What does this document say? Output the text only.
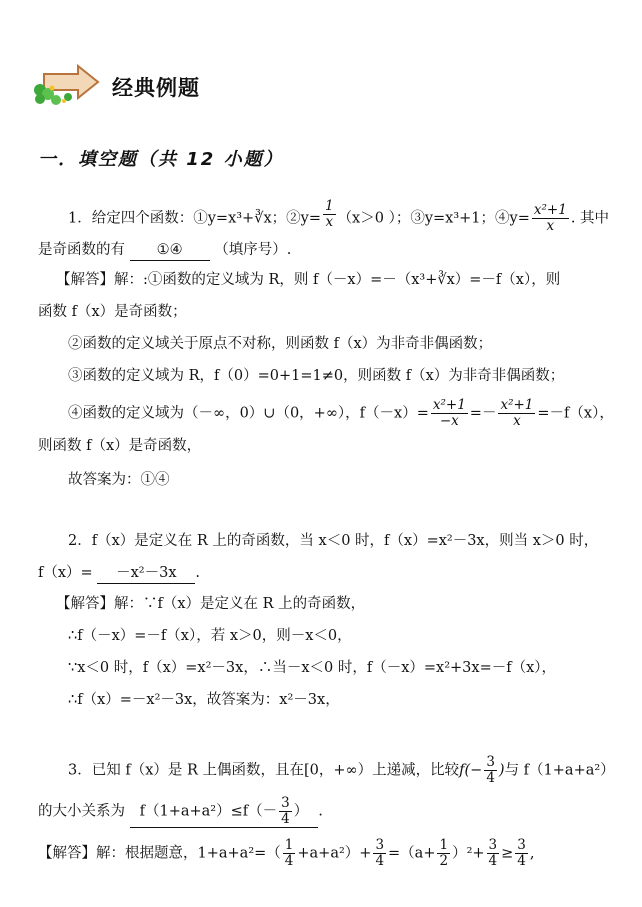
经典例题
一．填空题（共 12 小题）
1．给定四个函数：①y=x³+∛x；②y= $\frac{1}{x} (x>0$ ）；③y=x³+1；④y= $\frac{\text{x²+1}}{x}$ . 其中
是奇函数的有 ①④ （填序号）.
【解答】解：:①函数的定义域为 R，则 f（－x）=－（x³+∛x）=－f（x），则
函数 f（x）是奇函数；
②函数的定义域关于原点不对称，则函数 f（x）为非奇非偶函数；
③函数的定义域为 R，f（0）=0+1=1≠0，则函数 f（x）为非奇非偶函数；
④函数的定义域为（－∞，0）∪（0，+∞），$f(-x)= \frac{\text{x²+1}}{-x} =- \frac{\text{x²+1}}{x} =-f(x)$，
则函数 f（x）是奇函数，
故答案为：①④
2．f（x）是定义在 R 上的奇函数，当 x＜0 时，f（x）=x²－3x，则当 x＞0 时，
f（x）= －x²－3x .
【解答】解：∵f（x）是定义在 R 上的奇函数，
∴f（－x）=－f（x），若 x＞0，则－x＜0，
∵x＜0 时，f（x）=x²－3x，∴当－x＜0 时，f（－x）=x²+3x=－f（x），
∴f（x）=－x²－3x，故答案为：x²－3x，
3．已知 f（x）是 R 上偶函数，且在[0，+∞）上递减，比较$f(- \frac{3}{4}$ )与 f（1+a+a²）
的大小关系为 $f(1+a+a^2)\le f(- \frac{3}{4}$ ） .
【解答】解：根据题意，$1+a+a^2=( \frac{1}{4} +a+a^2)+ \frac{3}{4} =(a+ \frac{1}{2} )^2+ \frac{3}{4} \ge \frac{3}{4}$ ,
